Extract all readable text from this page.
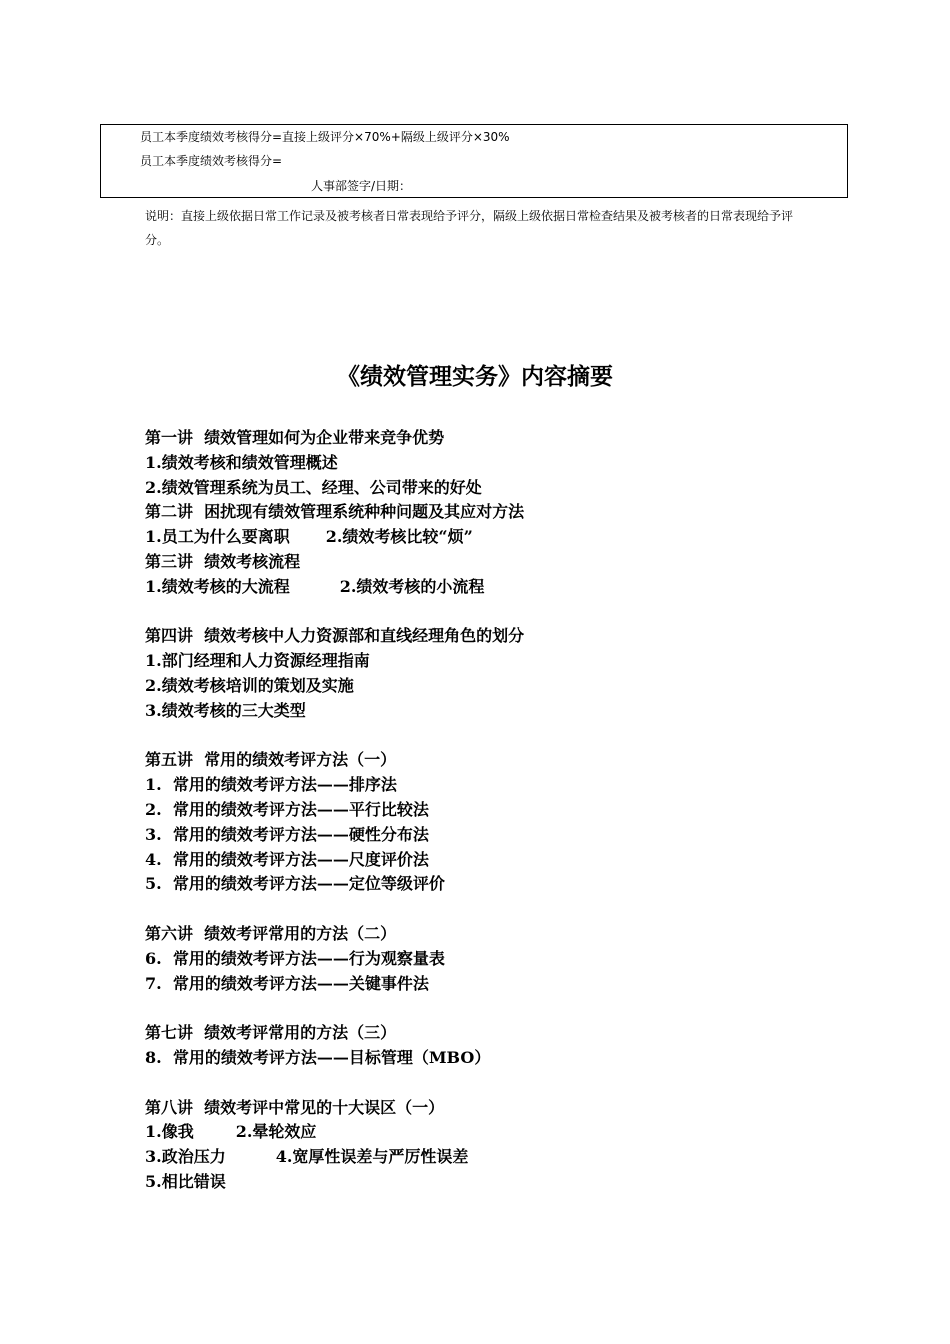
员工本季度绩效考核得分=直接上级评分×70%+隔级上级评分×30%
员工本季度绩效考核得分=
人事部签字/日期：
说明：直接上级依据日常工作记录及被考核者日常表现给予评分，隔级上级依据日常检查结果及被考核者的日常表现给予评分。
《绩效管理实务》内容摘要
第一讲  绩效管理如何为企业带来竞争优势
1.绩效考核和绩效管理概述
2.绩效管理系统为员工、经理、公司带来的好处
第二讲  困扰现有绩效管理系统种种问题及其应对方法
1.员工为什么要离职 2.绩效考核比较“烦”
第三讲  绩效考核流程
1.绩效考核的大流程	2.绩效考核的小流程
第四讲  绩效考核中人力资源部和直线经理角色的划分
1.部门经理和人力资源经理指南
2.绩效考核培训的策划及实施
3.绩效考核的三大类型
第五讲  常用的绩效考评方法（一）
1.  常用的绩效考评方法——排序法
2.  常用的绩效考评方法——平行比较法
3.  常用的绩效考评方法——硬性分布法
4.  常用的绩效考评方法——尺度评价法
5.  常用的绩效考评方法——定位等级评价
第六讲  绩效考评常用的方法（二）
6.  常用的绩效考评方法——行为观察量表
7.  常用的绩效考评方法——关键事件法
第七讲  绩效考评常用的方法（三）
8.  常用的绩效考评方法——目标管理（MBO）
第八讲  绩效考评中常见的十大误区（一）
1.像我	2.晕轮效应
3.政治压力	4.宽厚性误差与严厉性误差
5.相比错误
